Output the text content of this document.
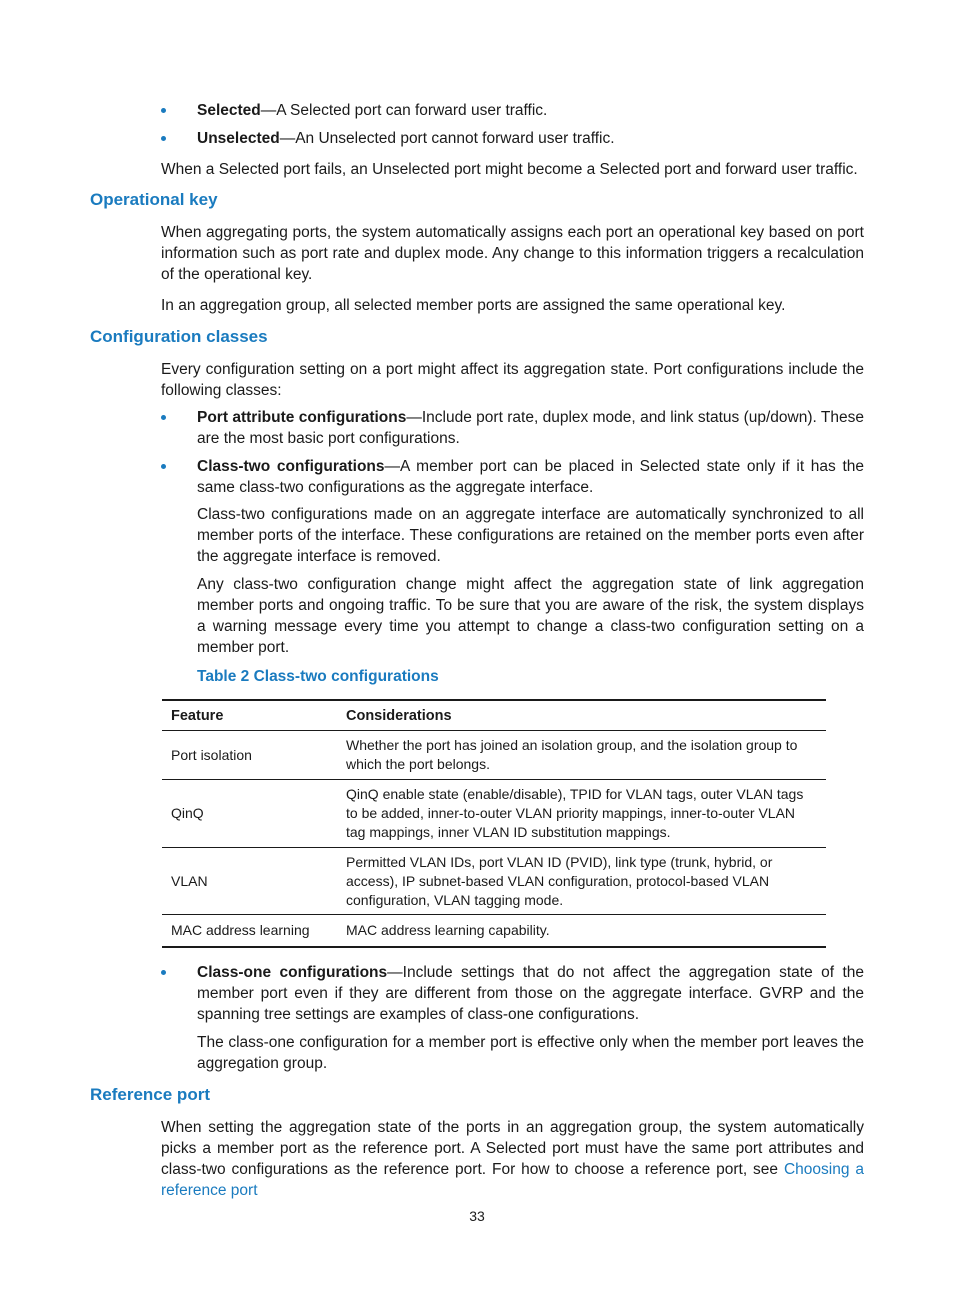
Selected—A Selected port can forward user traffic.

Unselected—An Unselected port cannot forward user traffic.

When a Selected port fails, an Unselected port might become a Selected port and forward user traffic.

Operational key

When aggregating ports, the system automatically assigns each port an operational key based on port information such as port rate and duplex mode. Any change to this information triggers a recalculation of the operational key.

In an aggregation group, all selected member ports are assigned the same operational key.

Configuration classes

Every configuration setting on a port might affect its aggregation state. Port configurations include the following classes:

Port attribute configurations—Include port rate, duplex mode, and link status (up/down). These are the most basic port configurations.

Class-two configurations—A member port can be placed in Selected state only if it has the same class-two configurations as the aggregate interface.

Class-two configurations made on an aggregate interface are automatically synchronized to all member ports of the interface. These configurations are retained on the member ports even after the aggregate interface is removed.

Any class-two configuration change might affect the aggregation state of link aggregation member ports and ongoing traffic. To be sure that you are aware of the risk, the system displays a warning message every time you attempt to change a class-two configuration setting on a member port.

Table 2 Class-two configurations

Feature	Considerations
Port isolation	Whether the port has joined an isolation group, and the isolation group to which the port belongs.
QinQ	QinQ enable state (enable/disable), TPID for VLAN tags, outer VLAN tags to be added, inner-to-outer VLAN priority mappings, inner-to-outer VLAN tag mappings, inner VLAN ID substitution mappings.
VLAN	Permitted VLAN IDs, port VLAN ID (PVID), link type (trunk, hybrid, or access), IP subnet-based VLAN configuration, protocol-based VLAN configuration, VLAN tagging mode.
MAC address learning	MAC address learning capability.

Class-one configurations—Include settings that do not affect the aggregation state of the member port even if they are different from those on the aggregate interface. GVRP and the spanning tree settings are examples of class-one configurations.

The class-one configuration for a member port is effective only when the member port leaves the aggregation group.

Reference port

When setting the aggregation state of the ports in an aggregation group, the system automatically picks a member port as the reference port. A Selected port must have the same port attributes and class-two configurations as the reference port. For how to choose a reference port, see Choosing a reference port

33
